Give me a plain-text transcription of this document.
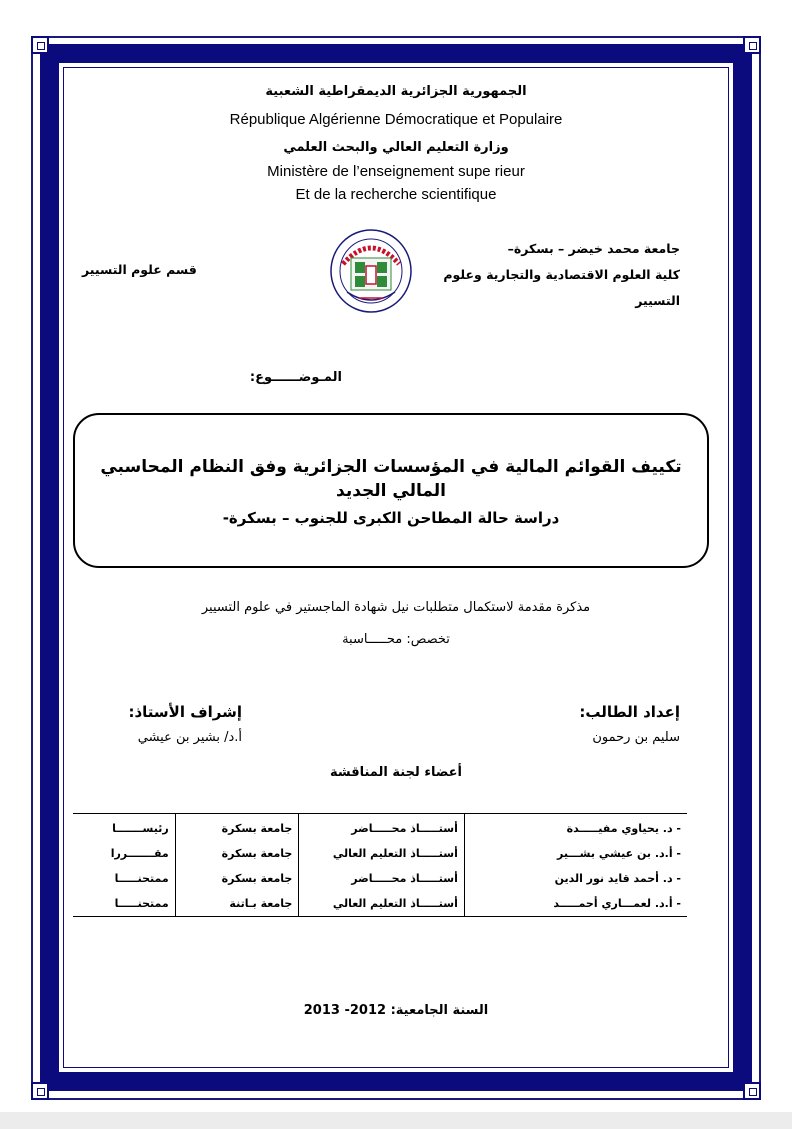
الجمهورية الجزائرية الديمقراطية الشعبية
République Algérienne Démocratique et Populaire
وزارة التعليم العالي والبحث العلمي
Ministère de l’enseignement supe rieur
Et de la recherche scientifique
جامعة محمد خيضر – بسكرة–
كلية العلوم الاقتصادية والتجارية وعلوم التسيير
قسم علوم التسيير
المـوضــــــوع:
تكييف القوائم المالية في المؤسسات الجزائرية وفق النظام المحاسبي المالي الجديد
دراسة حالة المطاحن الكبرى للجنوب – بسكرة-
مذكرة مقدمة لاستكمال متطلبات نيل شهادة الماجستير في علوم التسيير
تخصص: محـــــاسبة
إعداد الطالب:
سليم بن رحمون
إشراف الأستاذ:
أ.د/ بشير بن عيشي
أعضاء لجنة المناقشة
- د. يحياوي مفيـــــدة	أستـــــاذ محـــــاضر	جامعة بسكرة	رئيســـــــا
- أ.د. بن عيشي بشـــير	أستـــــاذ التعليم العالي	جامعة بسكرة	مقـــــــررا
- د. أحمد قايد نور الدين	أستـــــاذ محـــــاضر	جامعة بسكرة	ممتحنـــــا
- أ.د. لعمـــاري أحمـــــد	أستـــــاذ التعليم العالي	جامعة بـاتنة	ممتحنـــــا
السنة الجامعية: 2012- 2013
